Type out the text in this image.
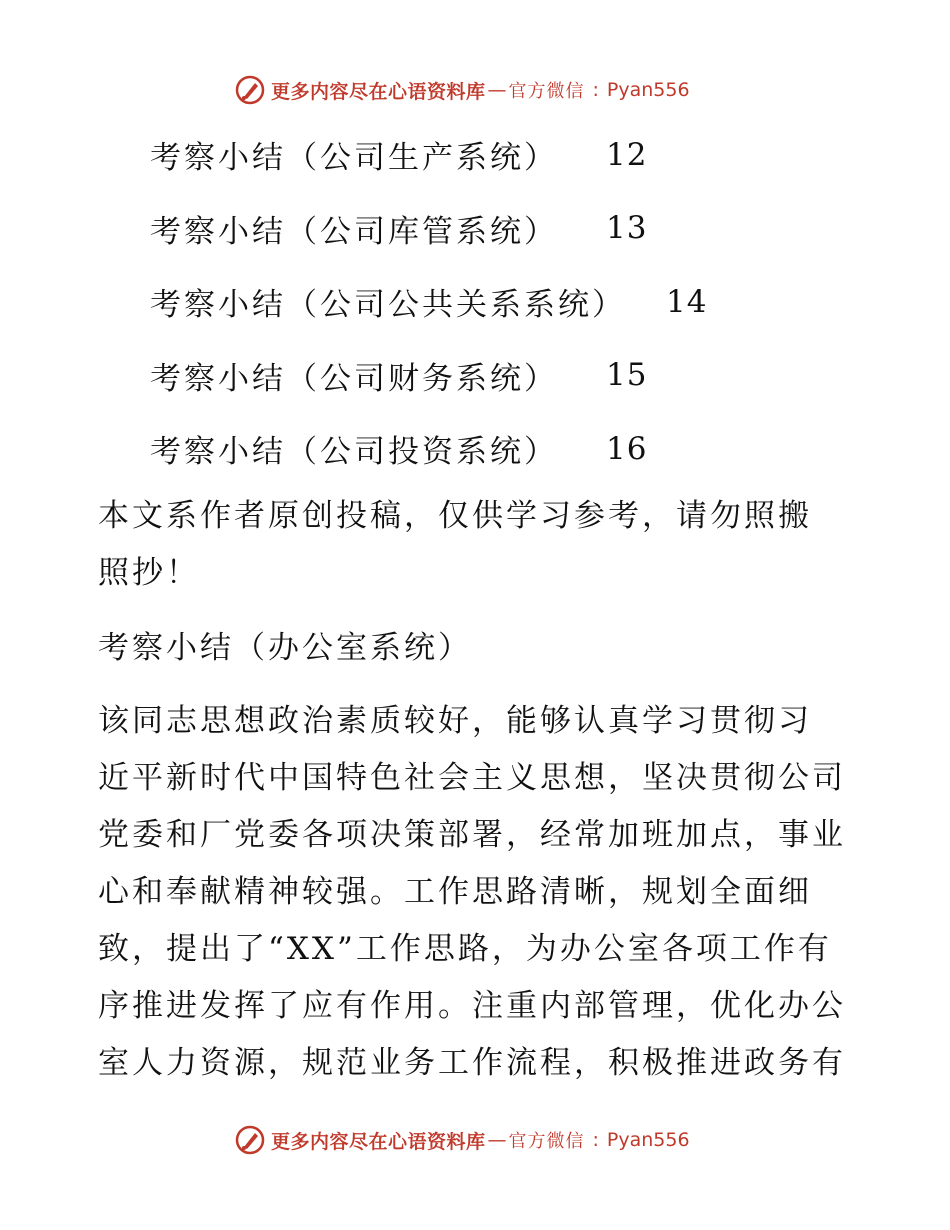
更多内容尽在心语资料库 — 官方微信 : Pyan556
考察小结（公司生产系统） 12
考察小结（公司库管系统） 13
考察小结（公司公共关系系统） 14
考察小结（公司财务系统） 15
考察小结（公司投资系统） 16
本文系作者原创投稿，仅供学习参考，请勿照搬
照抄！
考察小结（办公室系统）
该同志思想政治素质较好，能够认真学习贯彻习
近平新时代中国特色社会主义思想，坚决贯彻公司
党委和厂党委各项决策部署，经常加班加点，事业
心和奉献精神较强。工作思路清晰，规划全面细
致，提出了“XX”工作思路，为办公室各项工作有
序推进发挥了应有作用。注重内部管理，优化办公
室人力资源，规范业务工作流程，积极推进政务有
更多内容尽在心语资料库 — 官方微信 : Pyan556
